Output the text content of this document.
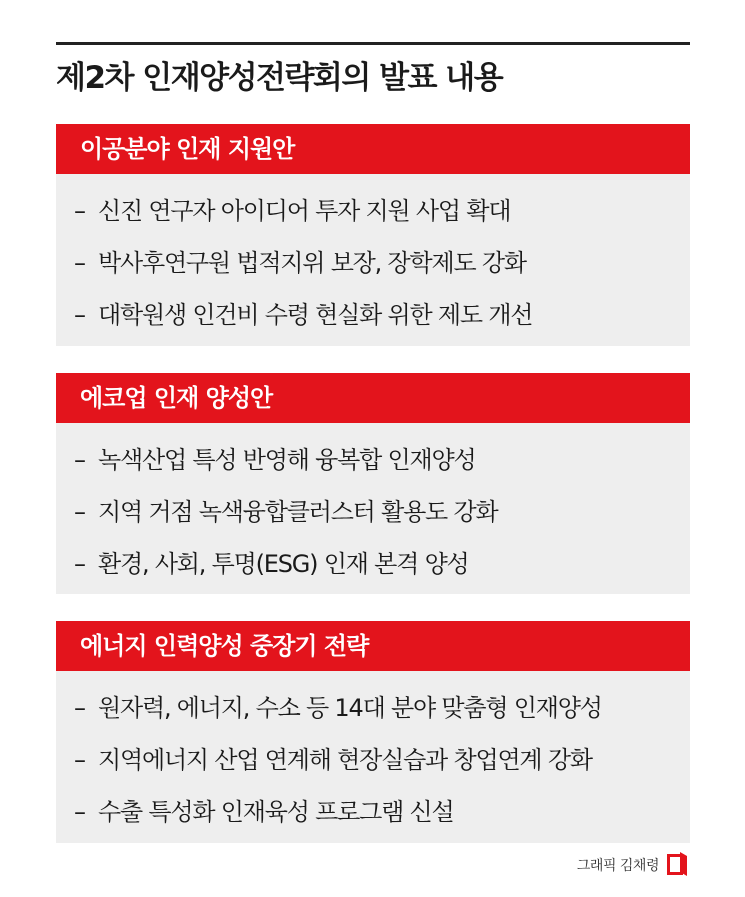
제2차 인재양성전략회의 발표 내용
이공분야 인재 지원안
– 신진 연구자 아이디어 투자 지원 사업 확대
– 박사후연구원 법적지위 보장, 장학제도 강화
– 대학원생 인건비 수령 현실화 위한 제도 개선
에코업 인재 양성안
– 녹색산업 특성 반영해 융복합 인재양성
– 지역 거점 녹색융합클러스터 활용도 강화
– 환경, 사회, 투명(ESG) 인재 본격 양성
에너지 인력양성 중장기 전략
– 원자력, 에너지, 수소 등 14대 분야 맞춤형 인재양성
– 지역에너지 산업 연계해 현장실습과 창업연계 강화
– 수출 특성화 인재육성 프로그램 신설
그래픽 김채령
